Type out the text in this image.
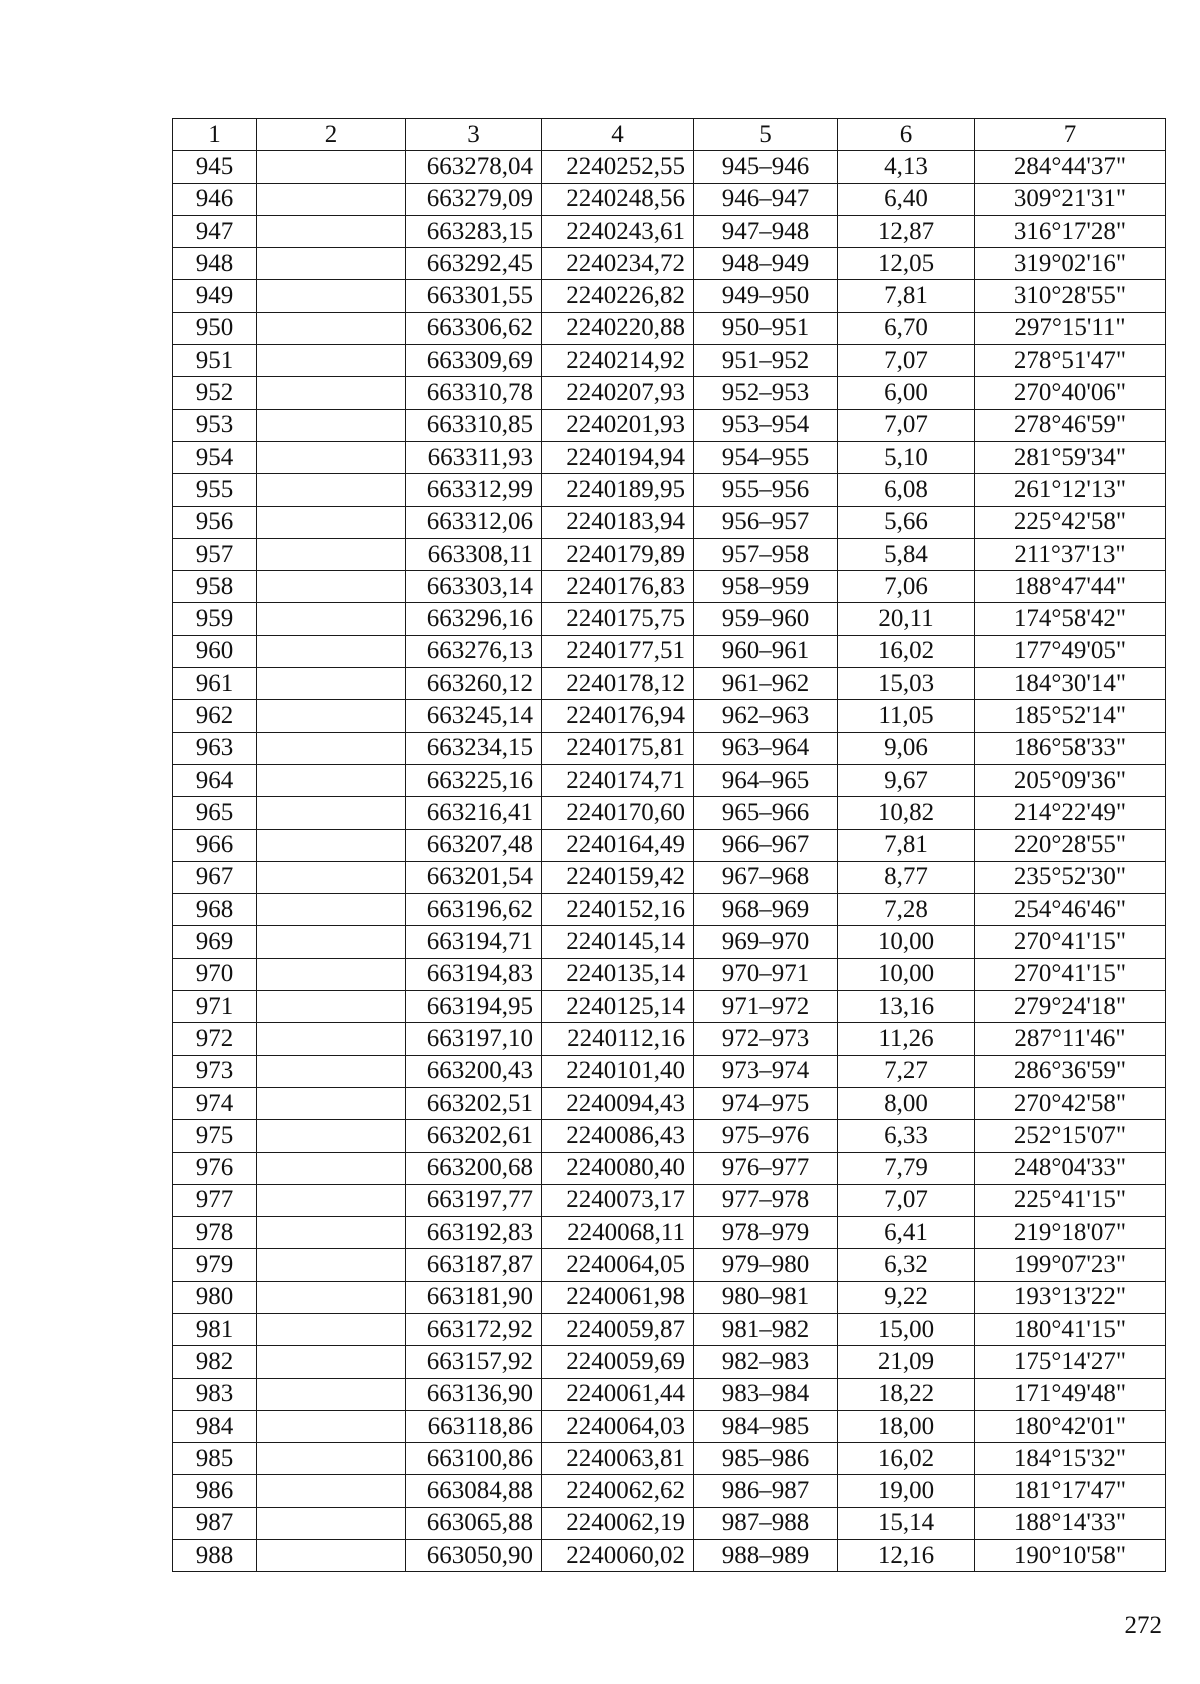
1	2	3	4	5	6	7
945		663278,04	2240252,55	945–946	4,13	284°44'37"
946		663279,09	2240248,56	946–947	6,40	309°21'31"
947		663283,15	2240243,61	947–948	12,87	316°17'28"
948		663292,45	2240234,72	948–949	12,05	319°02'16"
949		663301,55	2240226,82	949–950	7,81	310°28'55"
950		663306,62	2240220,88	950–951	6,70	297°15'11"
951		663309,69	2240214,92	951–952	7,07	278°51'47"
952		663310,78	2240207,93	952–953	6,00	270°40'06"
953		663310,85	2240201,93	953–954	7,07	278°46'59"
954		663311,93	2240194,94	954–955	5,10	281°59'34"
955		663312,99	2240189,95	955–956	6,08	261°12'13"
956		663312,06	2240183,94	956–957	5,66	225°42'58"
957		663308,11	2240179,89	957–958	5,84	211°37'13"
958		663303,14	2240176,83	958–959	7,06	188°47'44"
959		663296,16	2240175,75	959–960	20,11	174°58'42"
960		663276,13	2240177,51	960–961	16,02	177°49'05"
961		663260,12	2240178,12	961–962	15,03	184°30'14"
962		663245,14	2240176,94	962–963	11,05	185°52'14"
963		663234,15	2240175,81	963–964	9,06	186°58'33"
964		663225,16	2240174,71	964–965	9,67	205°09'36"
965		663216,41	2240170,60	965–966	10,82	214°22'49"
966		663207,48	2240164,49	966–967	7,81	220°28'55"
967		663201,54	2240159,42	967–968	8,77	235°52'30"
968		663196,62	2240152,16	968–969	7,28	254°46'46"
969		663194,71	2240145,14	969–970	10,00	270°41'15"
970		663194,83	2240135,14	970–971	10,00	270°41'15"
971		663194,95	2240125,14	971–972	13,16	279°24'18"
972		663197,10	2240112,16	972–973	11,26	287°11'46"
973		663200,43	2240101,40	973–974	7,27	286°36'59"
974		663202,51	2240094,43	974–975	8,00	270°42'58"
975		663202,61	2240086,43	975–976	6,33	252°15'07"
976		663200,68	2240080,40	976–977	7,79	248°04'33"
977		663197,77	2240073,17	977–978	7,07	225°41'15"
978		663192,83	2240068,11	978–979	6,41	219°18'07"
979		663187,87	2240064,05	979–980	6,32	199°07'23"
980		663181,90	2240061,98	980–981	9,22	193°13'22"
981		663172,92	2240059,87	981–982	15,00	180°41'15"
982		663157,92	2240059,69	982–983	21,09	175°14'27"
983		663136,90	2240061,44	983–984	18,22	171°49'48"
984		663118,86	2240064,03	984–985	18,00	180°42'01"
985		663100,86	2240063,81	985–986	16,02	184°15'32"
986		663084,88	2240062,62	986–987	19,00	181°17'47"
987		663065,88	2240062,19	987–988	15,14	188°14'33"
988		663050,90	2240060,02	988–989	12,16	190°10'58"
272
